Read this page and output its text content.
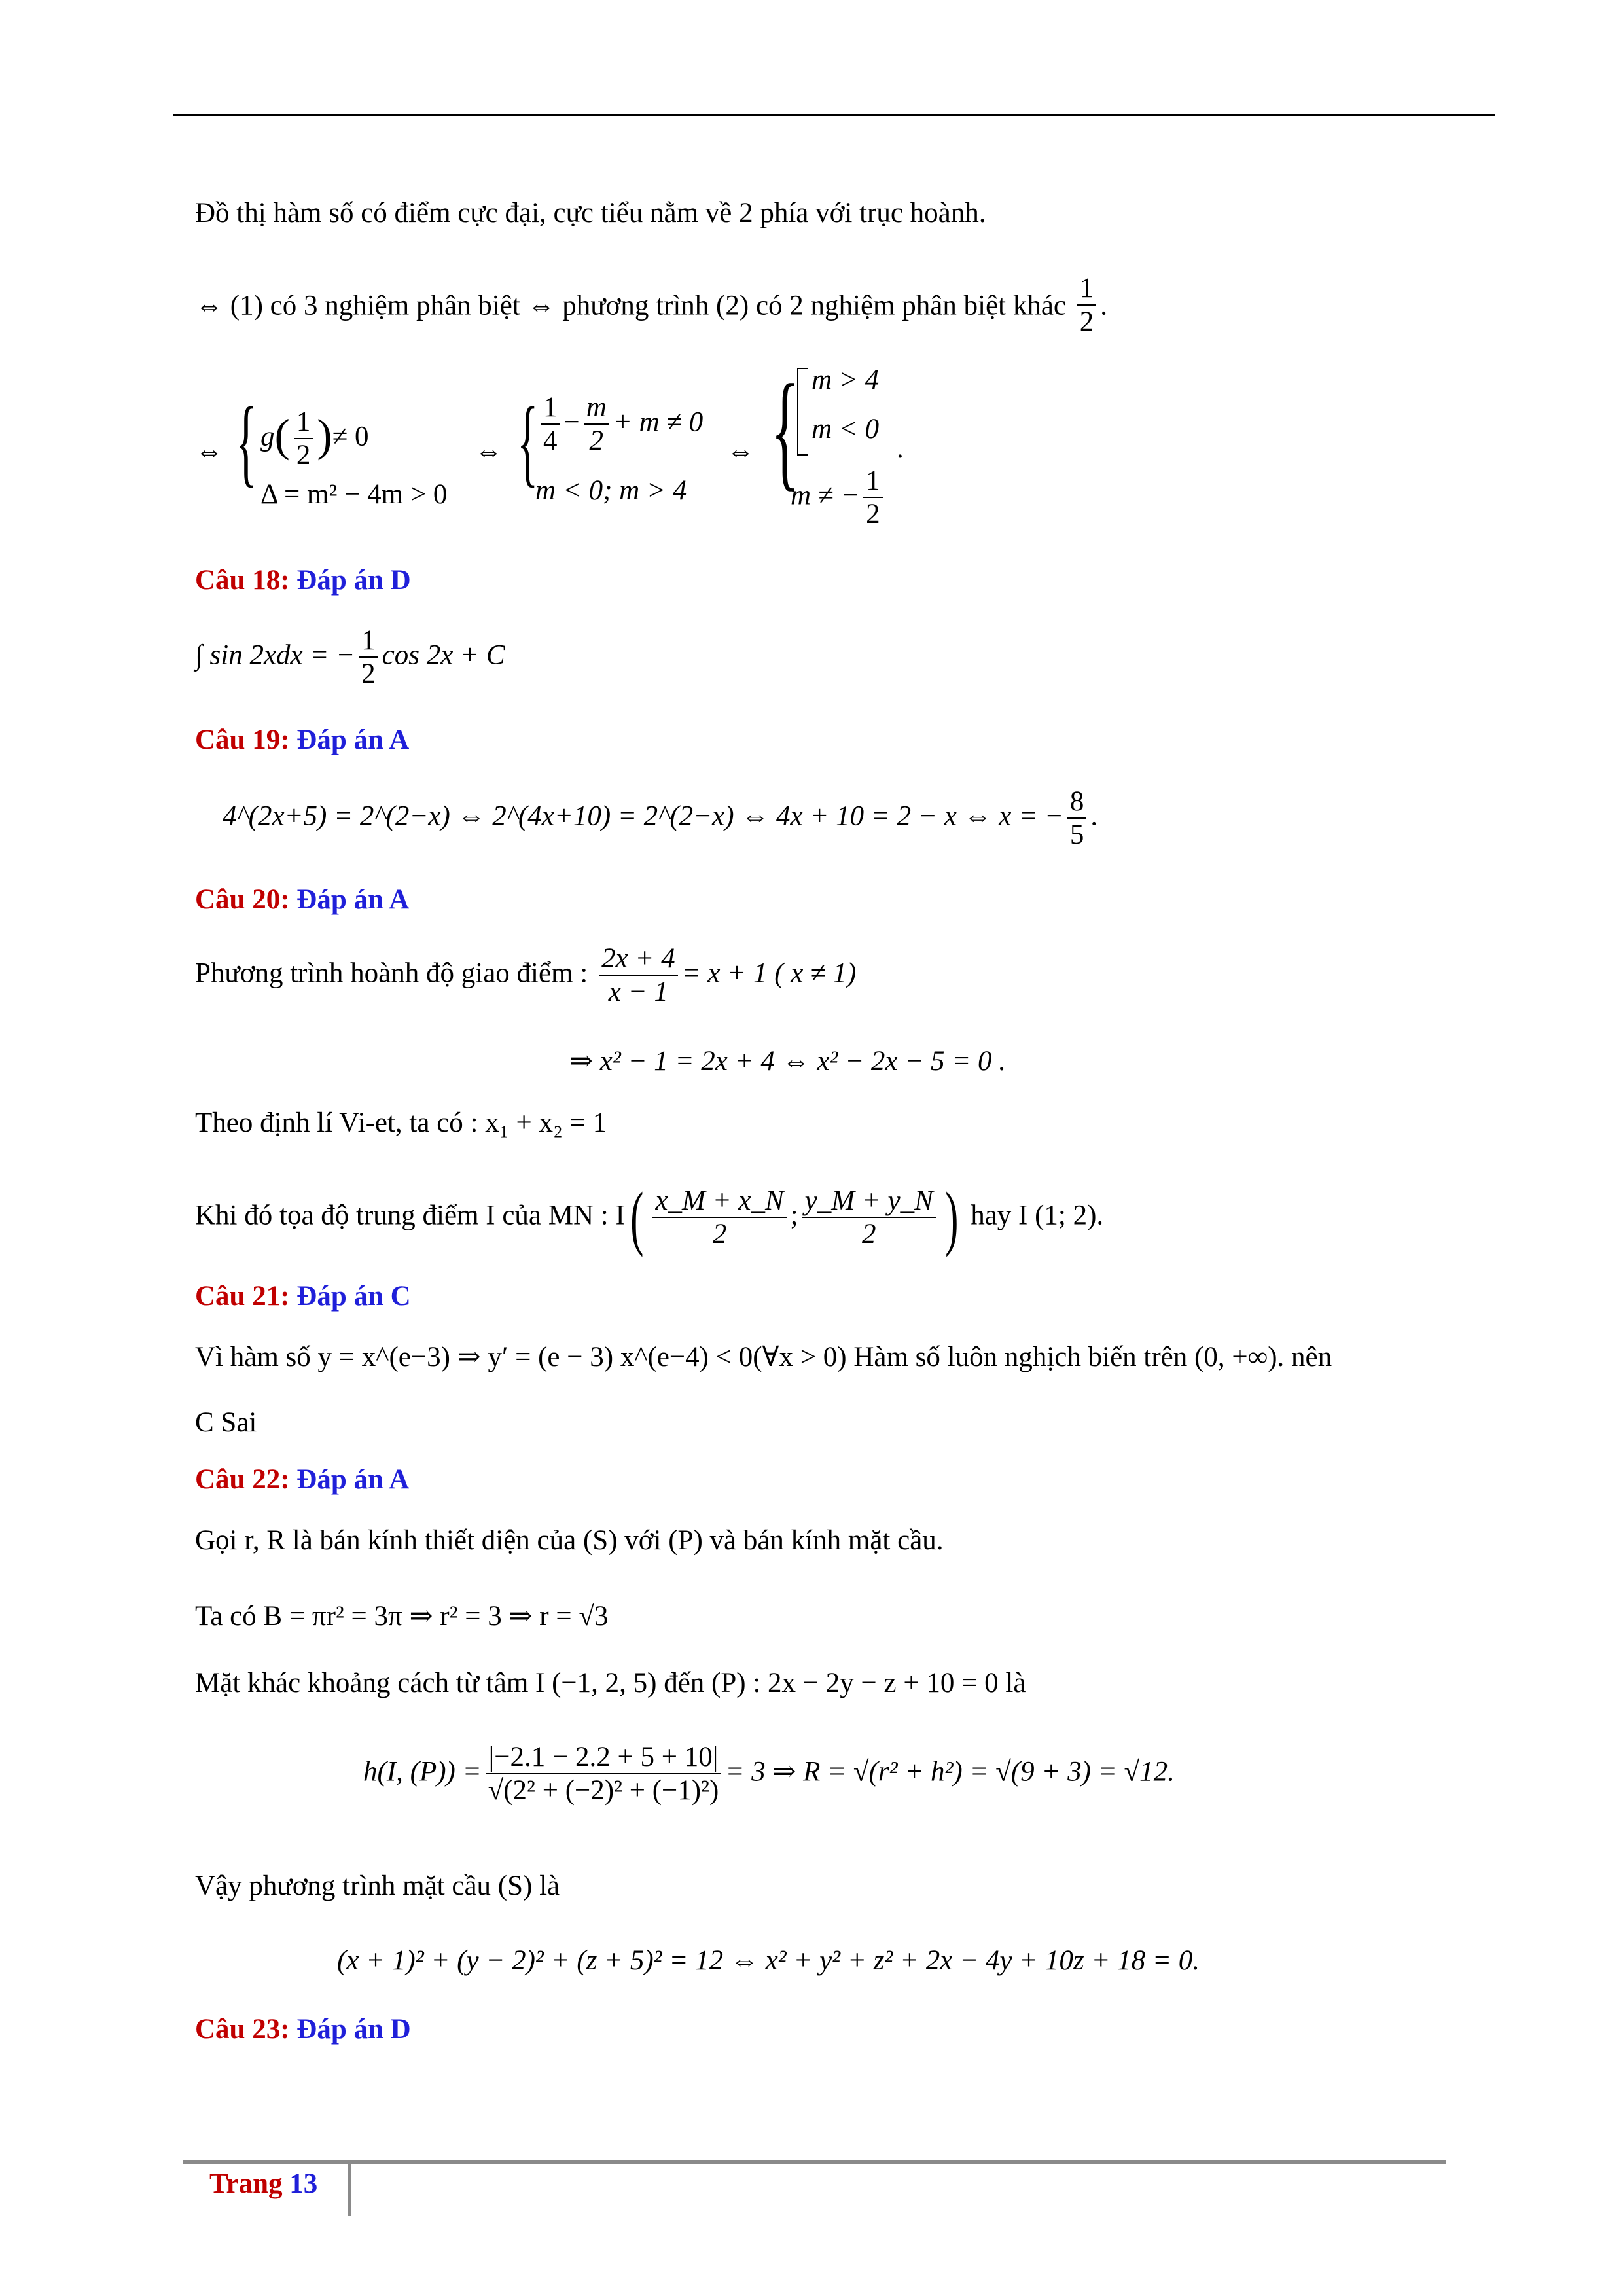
Đồ thị hàm số có điểm cực đại, cực tiểu nằm về 2 phía với trục hoành.
⇔ (1) có 3 nghiệm phân biệt ⇔ phương trình (2) có 2 nghiệm phân biệt khác $\frac{1}{2}$ .
⇔ { $g( \frac{1}{2}$ )≠ 0
Δ = m² − 4m > 0
⇔ { $\frac{1}{4} - \frac{m}{2} + m \ne 0$
m < 0; m > 4
⇔ { m > 4
m < 0
m ≠ − $\frac{1}{2}$
.
Câu 18: Đáp án D
∫ sin 2xdx = − $\frac{1}{2}$ cos 2x + C
Câu 19: Đáp án A
4^(2x+5) = 2^(2−x) ⇔ 2^(4x+10) = 2^(2−x) ⇔ 4x + 10 = 2 − x ⇔ x = − $\frac{8}{5}$ .
Câu 20: Đáp án A
Phương trình hoành độ giao điểm : $\frac{2x + 4}{x - 1} = x + 1$ ( x ≠ 1)
⇒ x² − 1 = 2x + 4 ⇔ x² − 2x − 5 = 0 .
Theo định lí Vi-et, ta có : x₁ + x₂ = 1
Khi đó tọa độ trung điểm I của MN : $I( \frac{x\_M + x\_N}{2}$ ; $\frac{y\_M + y\_N}{2}$ ) hay I (1; 2).
Câu 21: Đáp án C
Vì hàm số y = x^(e−3) ⇒ y′ = (e − 3) x^(e−4) < 0(∀x > 0) Hàm số luôn nghịch biến trên (0, +∞). nên
C Sai
Câu 22: Đáp án A
Gọi r, R là bán kính thiết diện của (S) với (P) và bán kính mặt cầu.
Ta có B = πr² = 3π ⇒ r² = 3 ⇒ r = √3
Mặt khác khoảng cách từ tâm I (−1, 2, 5) đến (P) : 2x − 2y − z + 10 = 0 là
h(I, $(P)) = \frac{|-2.1 - 2.2 + 5 + 10|}{\text{√(2² + (−2)² + (−1)²)}} = 3$ ⇒ R = √(r² + h²) = √(9 + 3) = √12.
Vậy phương trình mặt cầu (S) là
(x + 1)² + (y − 2)² + (z + 5)² = 12 ⇔ x² + y² + z² + 2x − 4y + 10z + 18 = 0.
Câu 23: Đáp án D
Trang 13
